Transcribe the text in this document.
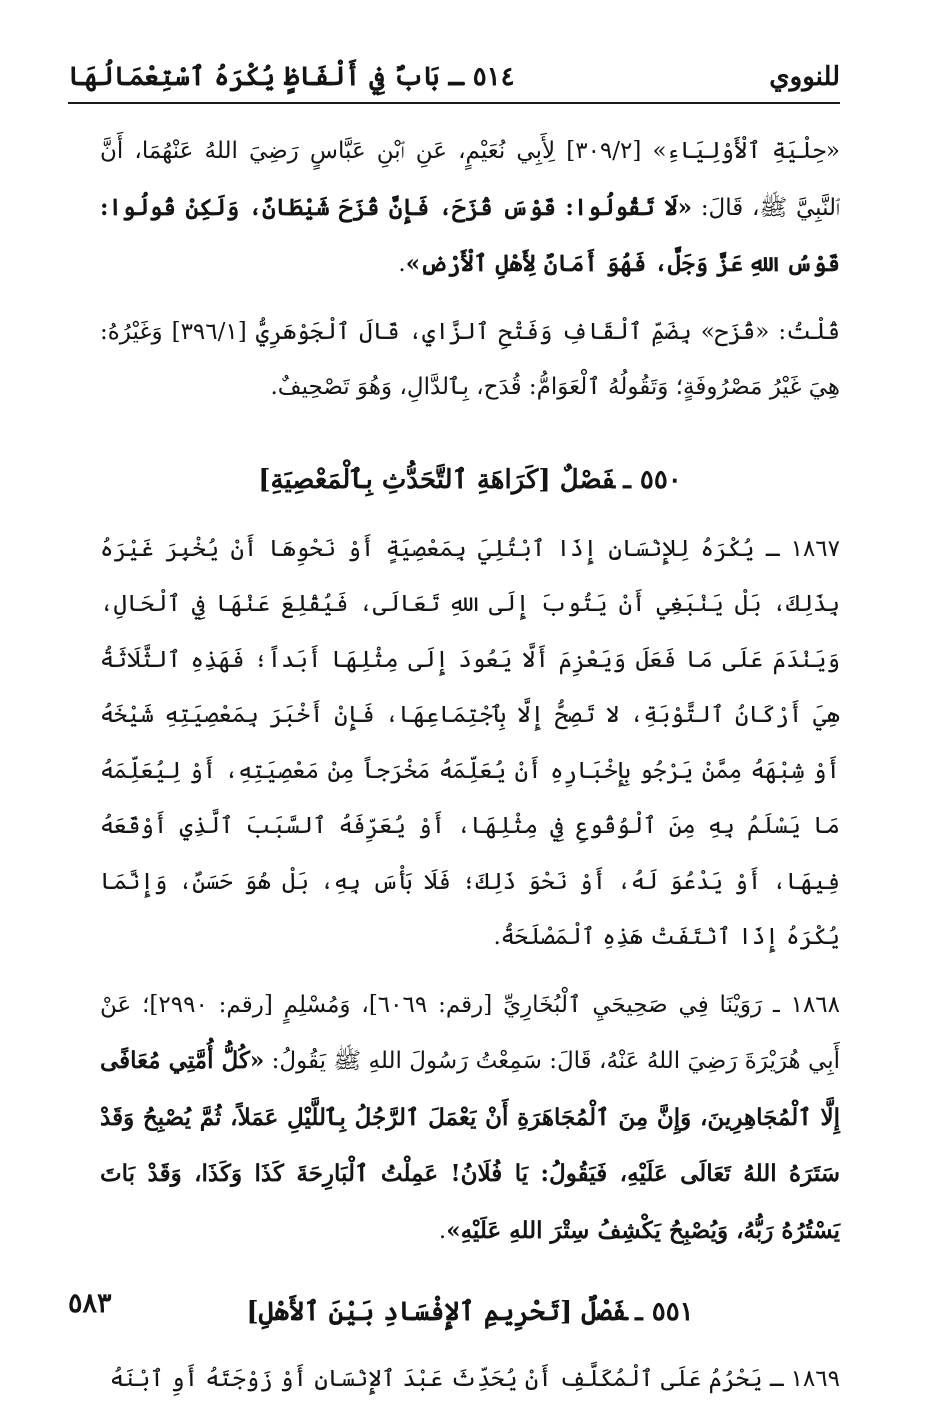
للنووي
٥١٤ ـ بَابٌ فِي أَلْفَاظٍ يُكْرَهُ ٱسْتِعْمَالُهَا

«حِلْيَةِ ٱلْأَوْلِيَاءِ» [٣٠٩/٢] لِأَبِي نُعَيْمٍ، عَنِ ٱبْنِ عَبَّاسٍ رَضِيَ اللهُ عَنْهُمَا، أَنَّ ٱلنَّبِيَّ ﷺ، قَالَ: «لَا تَقُولُوا: قَوْسَ قُزَحَ، فَإِنَّ قُزَحَ شَيْطَانٌ، وَلَكِنْ قُولُوا: قَوْسُ اللهِ عَزَّ وَجَلَّ، فَهُوَ أَمَانٌ لِأَهْلِ ٱلْأَرْضِ».

قُلْتُ: «قُزَح» بِضَمِّ ٱلْقَافِ وَفَتْحِ ٱلزَّايِ، قَالَ ٱلْجَوْهَرِيُّ [٣٩٦/١] وَغَيْرُهُ: هِيَ غَيْرُ مَصْرُوفَةٍ؛ وَتَقُولُهُ ٱلْعَوَامُّ: قُدَح، بِٱلدَّالِ، وَهُوَ تَصْحِيفٌ.

٥٥٠ ـفَصْلٌ [كَرَاهَةِ ٱلتَّحَدُّثِ بِٱلْمَعْصِيَةِ]

١٨٦٧ ـ يُكْرَهُ لِلإِنْسَانِ إِذَا ٱبْتُلِيَ بِمَعْصِيَةٍ أَوْ نَحْوِهَا أَنْ يُخْبِرَ غَيْرَهُ بِذَلِكَ، بَلْ يَنْبَغِي أَنْ يَتُوبَ إِلَى اللهِ تَعَالَى، فَيُقْلِعَ عَنْهَا فِي ٱلْحَالِ، وَيَنْدَمَ عَلَى مَا فَعَلَ وَيَعْزِمَ أَلَّا يَعُودَ إِلَى مِثْلِهَا أَبَداً؛ فَهَذِهِ ٱلثَّلَاثَةُ هِيَ أَرْكَانُ ٱلتَّوْبَةِ، لا تَصِحُّ إِلَّا بِٱجْتِمَاعِهَا، فَإِنْ أَخْبَرَ بِمَعْصِيَتِهِ شَيْخَهُ أَوْ شِبْهَهُ مِمَّنْ يَرْجُو بِإِخْبَارِهِ أَنْ يُعَلِّمَهُ مَخْرَجاً مِنْ مَعْصِيَتِهِ، أَوْ لِيُعَلِّمَهُ مَا يَسْلَمُ بِهِ مِنَ ٱلْوُقُوعِ فِي مِثْلِهَا، أَوْ يُعَرِّفَهُ ٱلسَّبَبَ ٱلَّذِي أَوْقَعَهُ فِيهَا، أَوْ يَدْعُوَ لَهُ، أَوْ نَحْوَ ذَلِكَ؛ فَلَا بَأْسَ بِهِ، بَلْ هُوَ حَسَنٌ، وَإِنَّمَا يُكْرَهُ إِذَا ٱنْتَفَتْ هَذِهِ ٱلْمَصْلَحَةُ.

١٨٦٨ ـ رَوَيْنَا فِي صَحِيحَيِ ٱلْبُخَارِيِّ [رقم: ٦٠٦٩]، وَمُسْلِمٍ [رقم: ٢٩٩٠]؛ عَنْ أَبِي هُرَيْرَةَ رَضِيَ اللهُ عَنْهُ، قَالَ: سَمِعْتُ رَسُولَ اللهِ ﷺ يَقُولُ: «كُلُّ أُمَّتِي مُعَافًى إِلَّا ٱلْمُجَاهِرِينَ، وَإِنَّ مِنَ ٱلْمُجَاهَرَةِ أَنْ يَعْمَلَ ٱلرَّجُلُ بِٱللَّيْلِ عَمَلاً، ثُمَّ يُصْبِحُ وَقَدْ سَتَرَهُ اللهُ تَعَالَى عَلَيْهِ، فَيَقُولُ: يَا فُلَانُ! عَمِلْتُ ٱلْبَارِحَةَ كَذَا وَكَذَا، وَقَدْ بَاتَ يَسْتُرُهُ رَبُّهُ، وَيُصْبِحُ يَكْشِفُ سِتْرَ اللهِ عَلَيْهِ».

٥٥١ ـفَصْلٌ [تَحْرِيمِ ٱلإِفْسَادِ بَيْنَ ٱلأَهْلِ]

١٨٦٩ ـ يَحْرُمُ عَلَى ٱلْمُكَلَّفِ أَنْ يُحَدِّثَ عَبْدَ ٱلإِنْسَانِ أَوْ زَوْجَتَهُ أَوِ ٱبْنَهُ

٥٨٣
